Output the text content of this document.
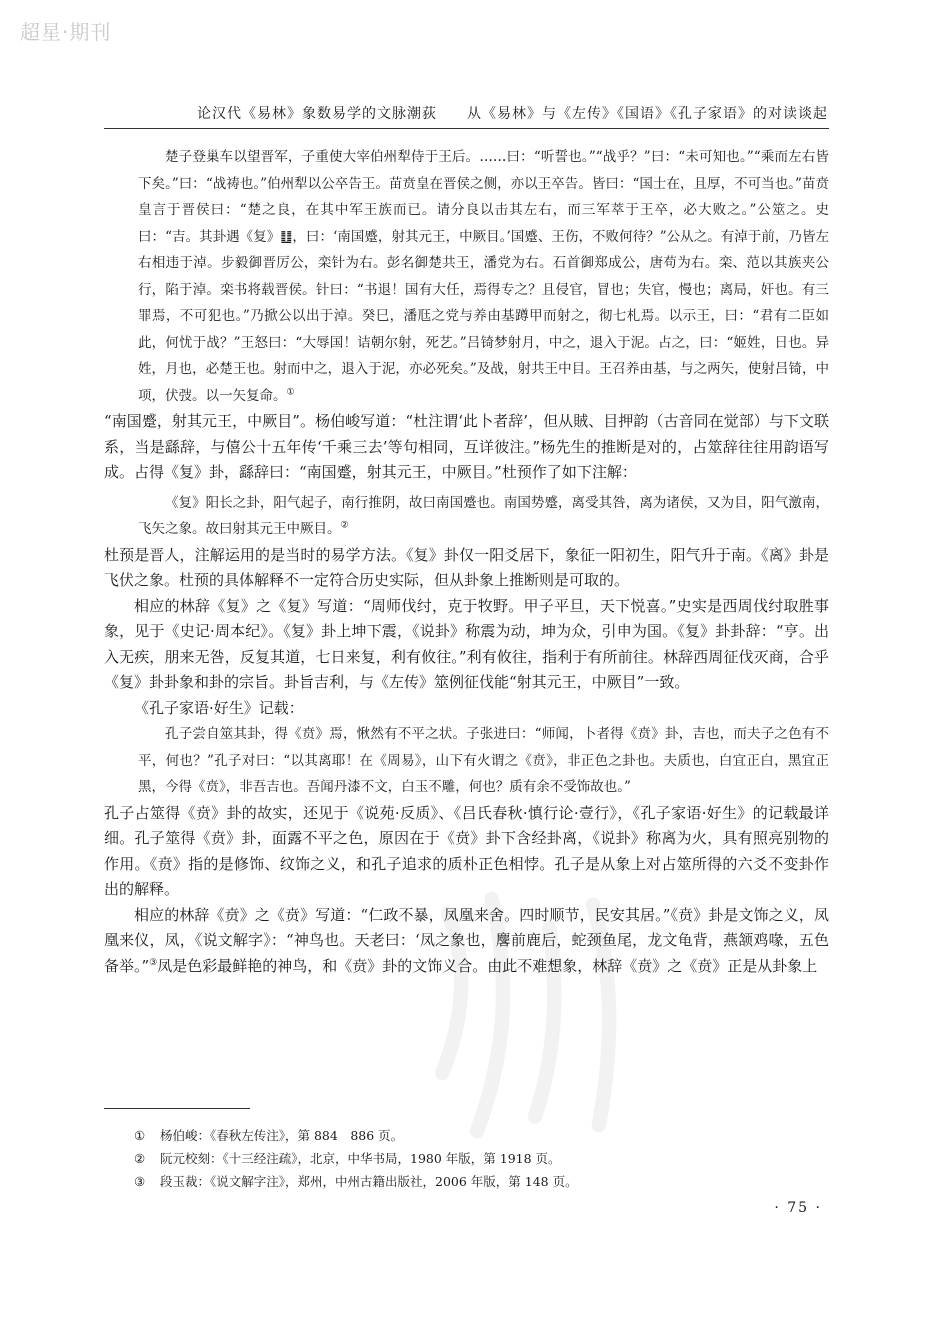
超星·期刊
论汉代《易林》象数易学的文脉潮荻　　从《易林》与《左传》《国语》《孔子家语》的对读谈起

楚子登巢车以望晋军，子重使大宰伯州犁侍于王后。……曰：“听誓也。”“战乎？”曰：“未可知也。”“乘而左右皆下矣。”曰：“战祷也。”伯州犁以公卒告王。苗贲皇在晋侯之侧，亦以王卒告。皆曰：“国士在，且厚，不可当也。”苗贲皇言于晋侯曰：“楚之良，在其中军王族而已。请分良以击其左右，而三军萃于王卒，必大败之。”公筮之。史曰：“吉。其卦遇《复》䷗，曰：‘南国蹙，射其元王，中厥目。’国蹙、王伤，不败何待？”公从之。有淖于前，乃皆左右相违于淖。步毅御晋厉公，栾针为右。彭名御楚共王，潘党为右。石首御郑成公，唐苟为右。栾、范以其族夹公行，陷于淖。栾书将载晋侯。针曰：“书退！国有大任，焉得专之？且侵官，冒也；失官，慢也；离局，奸也。有三罪焉，不可犯也。”乃掀公以出于淖。癸巳，潘尫之党与养由基蹲甲而射之，彻七札焉。以示王，曰：“君有二臣如此，何忧于战？”王怒曰：“大辱国！诘朝尔射，死艺。”吕锜梦射月，中之，退入于泥。占之，曰：“姬姓，日也。异姓，月也，必楚王也。射而中之，退入于泥，亦必死矣。”及战，射共王中目。王召养由基，与之两矢，使射吕锜，中项，伏弢。以一矢复命。①

“南国蹙，射其元王，中厥目”。杨伯峻写道：“杜注谓‘此卜者辞’，但从賊、目押韵（古音同在觉部）与下文联系，当是繇辞，与僖公十五年传‘千乘三去’等句相同，互详彼注。”杨先生的推断是对的，占筮辞往往用韵语写成。占得《复》卦，繇辞曰：“南国蹙，射其元王，中厥目。”杜预作了如下注解：

《复》阳长之卦，阳气起子，南行推阴，故曰南国蹙也。南国势蹙，离受其咎，离为诸侯，又为目，阳气激南，飞矢之象。故曰射其元王中厥目。②

杜预是晋人，注解运用的是当时的易学方法。《复》卦仅一阳爻居下，象征一阳初生，阳气升于南。《离》卦是飞伏之象。杜预的具体解释不一定符合历史实际，但从卦象上推断则是可取的。

相应的林辞《复》之《复》写道：“周师伐纣，克于牧野。甲子平旦，天下悦喜。”史实是西周伐纣取胜事象，见于《史记·周本纪》。《复》卦上坤下震，《说卦》称震为动，坤为众，引申为国。《复》卦卦辞：“亨。出入无疾，朋来无咎，反复其道，七日来复，利有攸往。”利有攸往，指利于有所前往。林辞西周征伐灭商，合乎《复》卦卦象和卦的宗旨。卦旨吉利，与《左传》筮例征伐能“射其元王，中厥目”一致。

《孔子家语·好生》记载：

孔子尝自筮其卦，得《贲》焉，愀然有不平之状。子张进曰：“师闻，卜者得《贲》卦，吉也，而夫子之色有不平，何也？”孔子对曰：“以其离耶！在《周易》，山下有火谓之《贲》，非正色之卦也。夫质也，白宜正白，黑宜正黑，今得《贲》，非吾吉也。吾闻丹漆不文，白玉不雕，何也？质有余不受饰故也。”

孔子占筮得《贲》卦的故实，还见于《说苑·反质》、《吕氏春秋·慎行论·壹行》，《孔子家语·好生》的记载最详细。孔子筮得《贲》卦，面露不平之色，原因在于《贲》卦下含经卦离，《说卦》称离为火，具有照亮别物的作用。《贲》指的是修饰、纹饰之义，和孔子追求的质朴正色相悖。孔子是从象上对占筮所得的六爻不变卦作出的解释。

相应的林辞《贲》之《贲》写道：“仁政不暴，凤凰来舍。四时顺节，民安其居。”《贲》卦是文饰之义，凤凰来仪，凤，《说文解字》：“神鸟也。天老曰：‘凤之象也，麐前鹿后，蛇颈鱼尾，龙文龟背，燕颔鸡喙，五色备举。”③凤是色彩最鲜艳的神鸟，和《贲》卦的文饰义合。由此不难想象，林辞《贲》之《贲》正是从卦象上

①	杨伯峻：《春秋左传注》，第 884　886 页。
②	阮元校刻：《十三经注疏》，北京，中华书局，1980 年版，第 1918 页。
③	段玉裁：《说文解字注》，郑州，中州古籍出版社，2006 年版，第 148 页。
· 75 ·
